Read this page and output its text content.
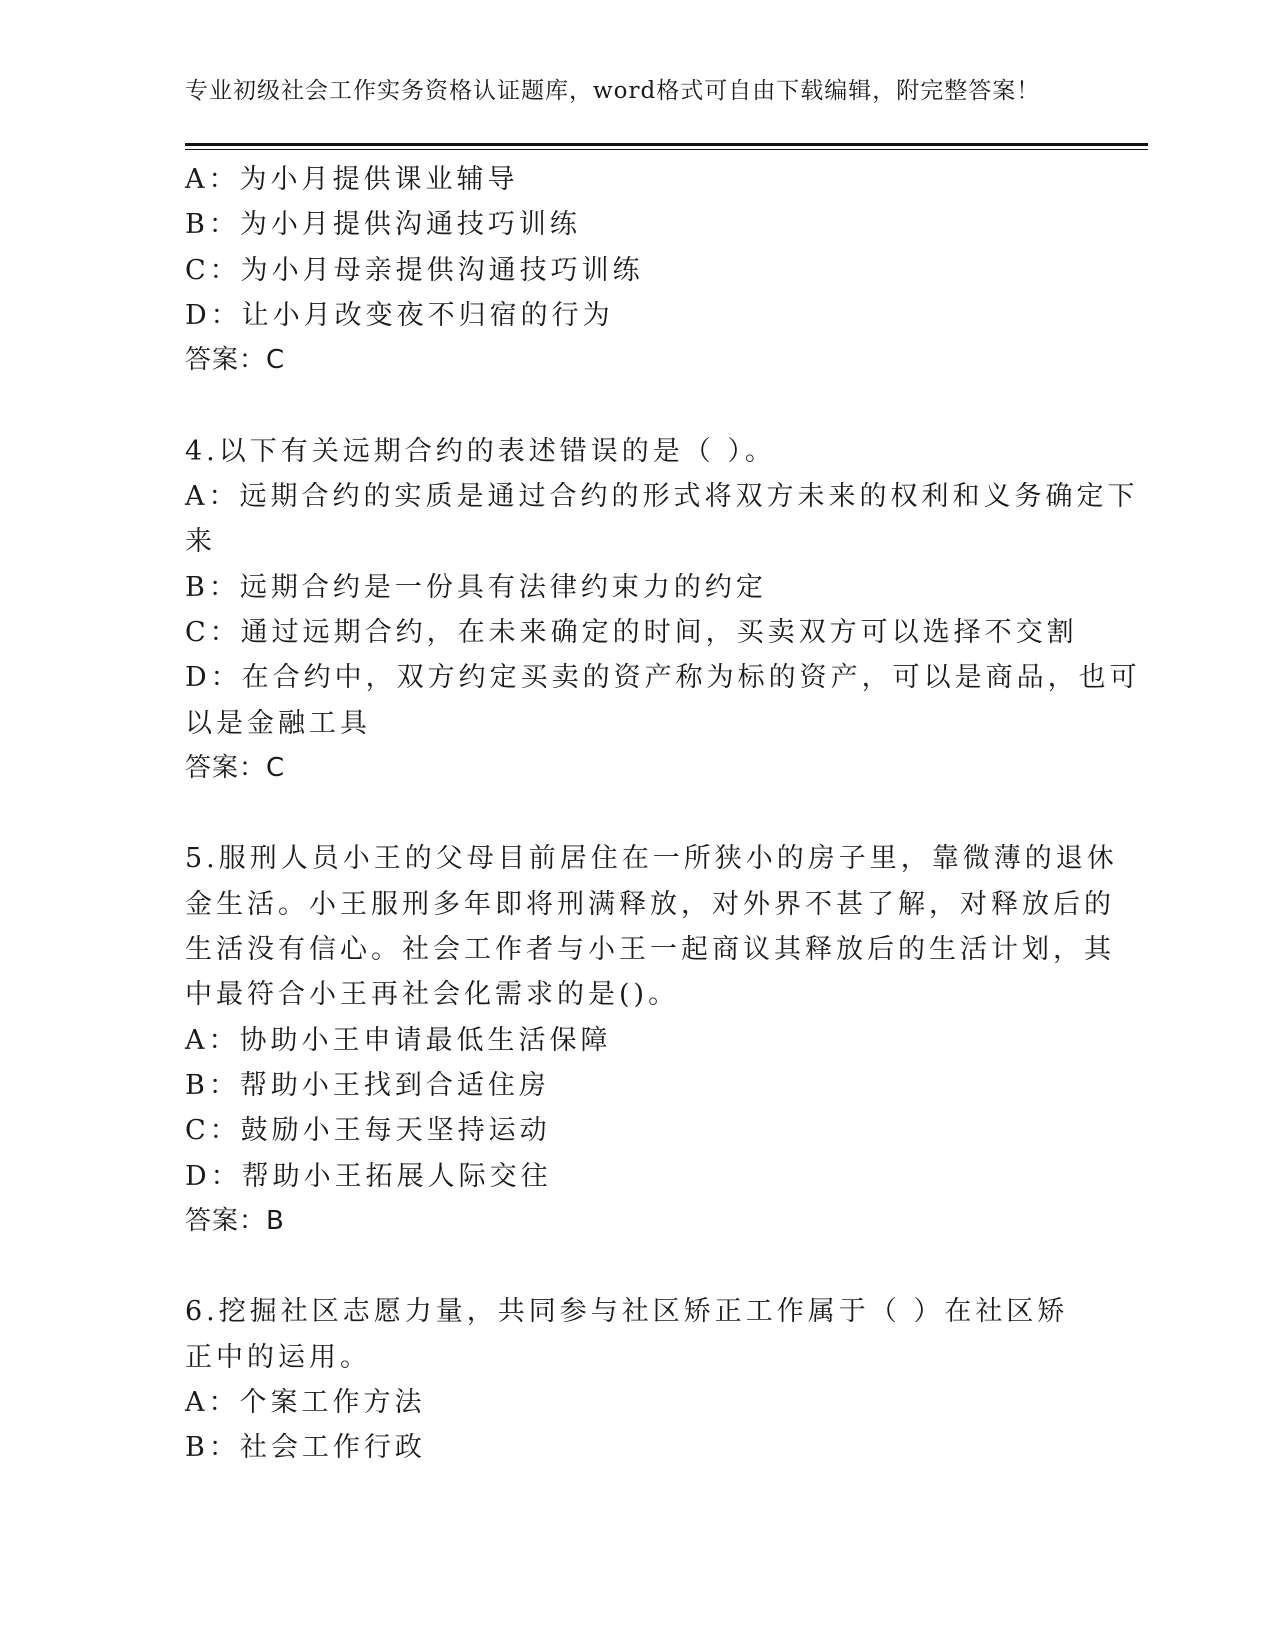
专业初级社会工作实务资格认证题库，word格式可自由下载编辑，附完整答案！
A：为小月提供课业辅导
B：为小月提供沟通技巧训练
C：为小月母亲提供沟通技巧训练
D：让小月改变夜不归宿的行为
答案：C
4.以下有关远期合约的表述错误的是（ ）。
A：远期合约的实质是通过合约的形式将双方未来的权利和义务确定下
来
B：远期合约是一份具有法律约束力的约定
C：通过远期合约，在未来确定的时间，买卖双方可以选择不交割
D：在合约中，双方约定买卖的资产称为标的资产，可以是商品，也可
以是金融工具
答案：C
5.服刑人员小王的父母目前居住在一所狭小的房子里，靠微薄的退休
金生活。小王服刑多年即将刑满释放，对外界不甚了解，对释放后的
生活没有信心。社会工作者与小王一起商议其释放后的生活计划，其
中最符合小王再社会化需求的是()。
A：协助小王申请最低生活保障
B：帮助小王找到合适住房
C：鼓励小王每天坚持运动
D：帮助小王拓展人际交往
答案：B
6.挖掘社区志愿力量，共同参与社区矫正工作属于（ ）在社区矫
正中的运用。
A：个案工作方法
B：社会工作行政
